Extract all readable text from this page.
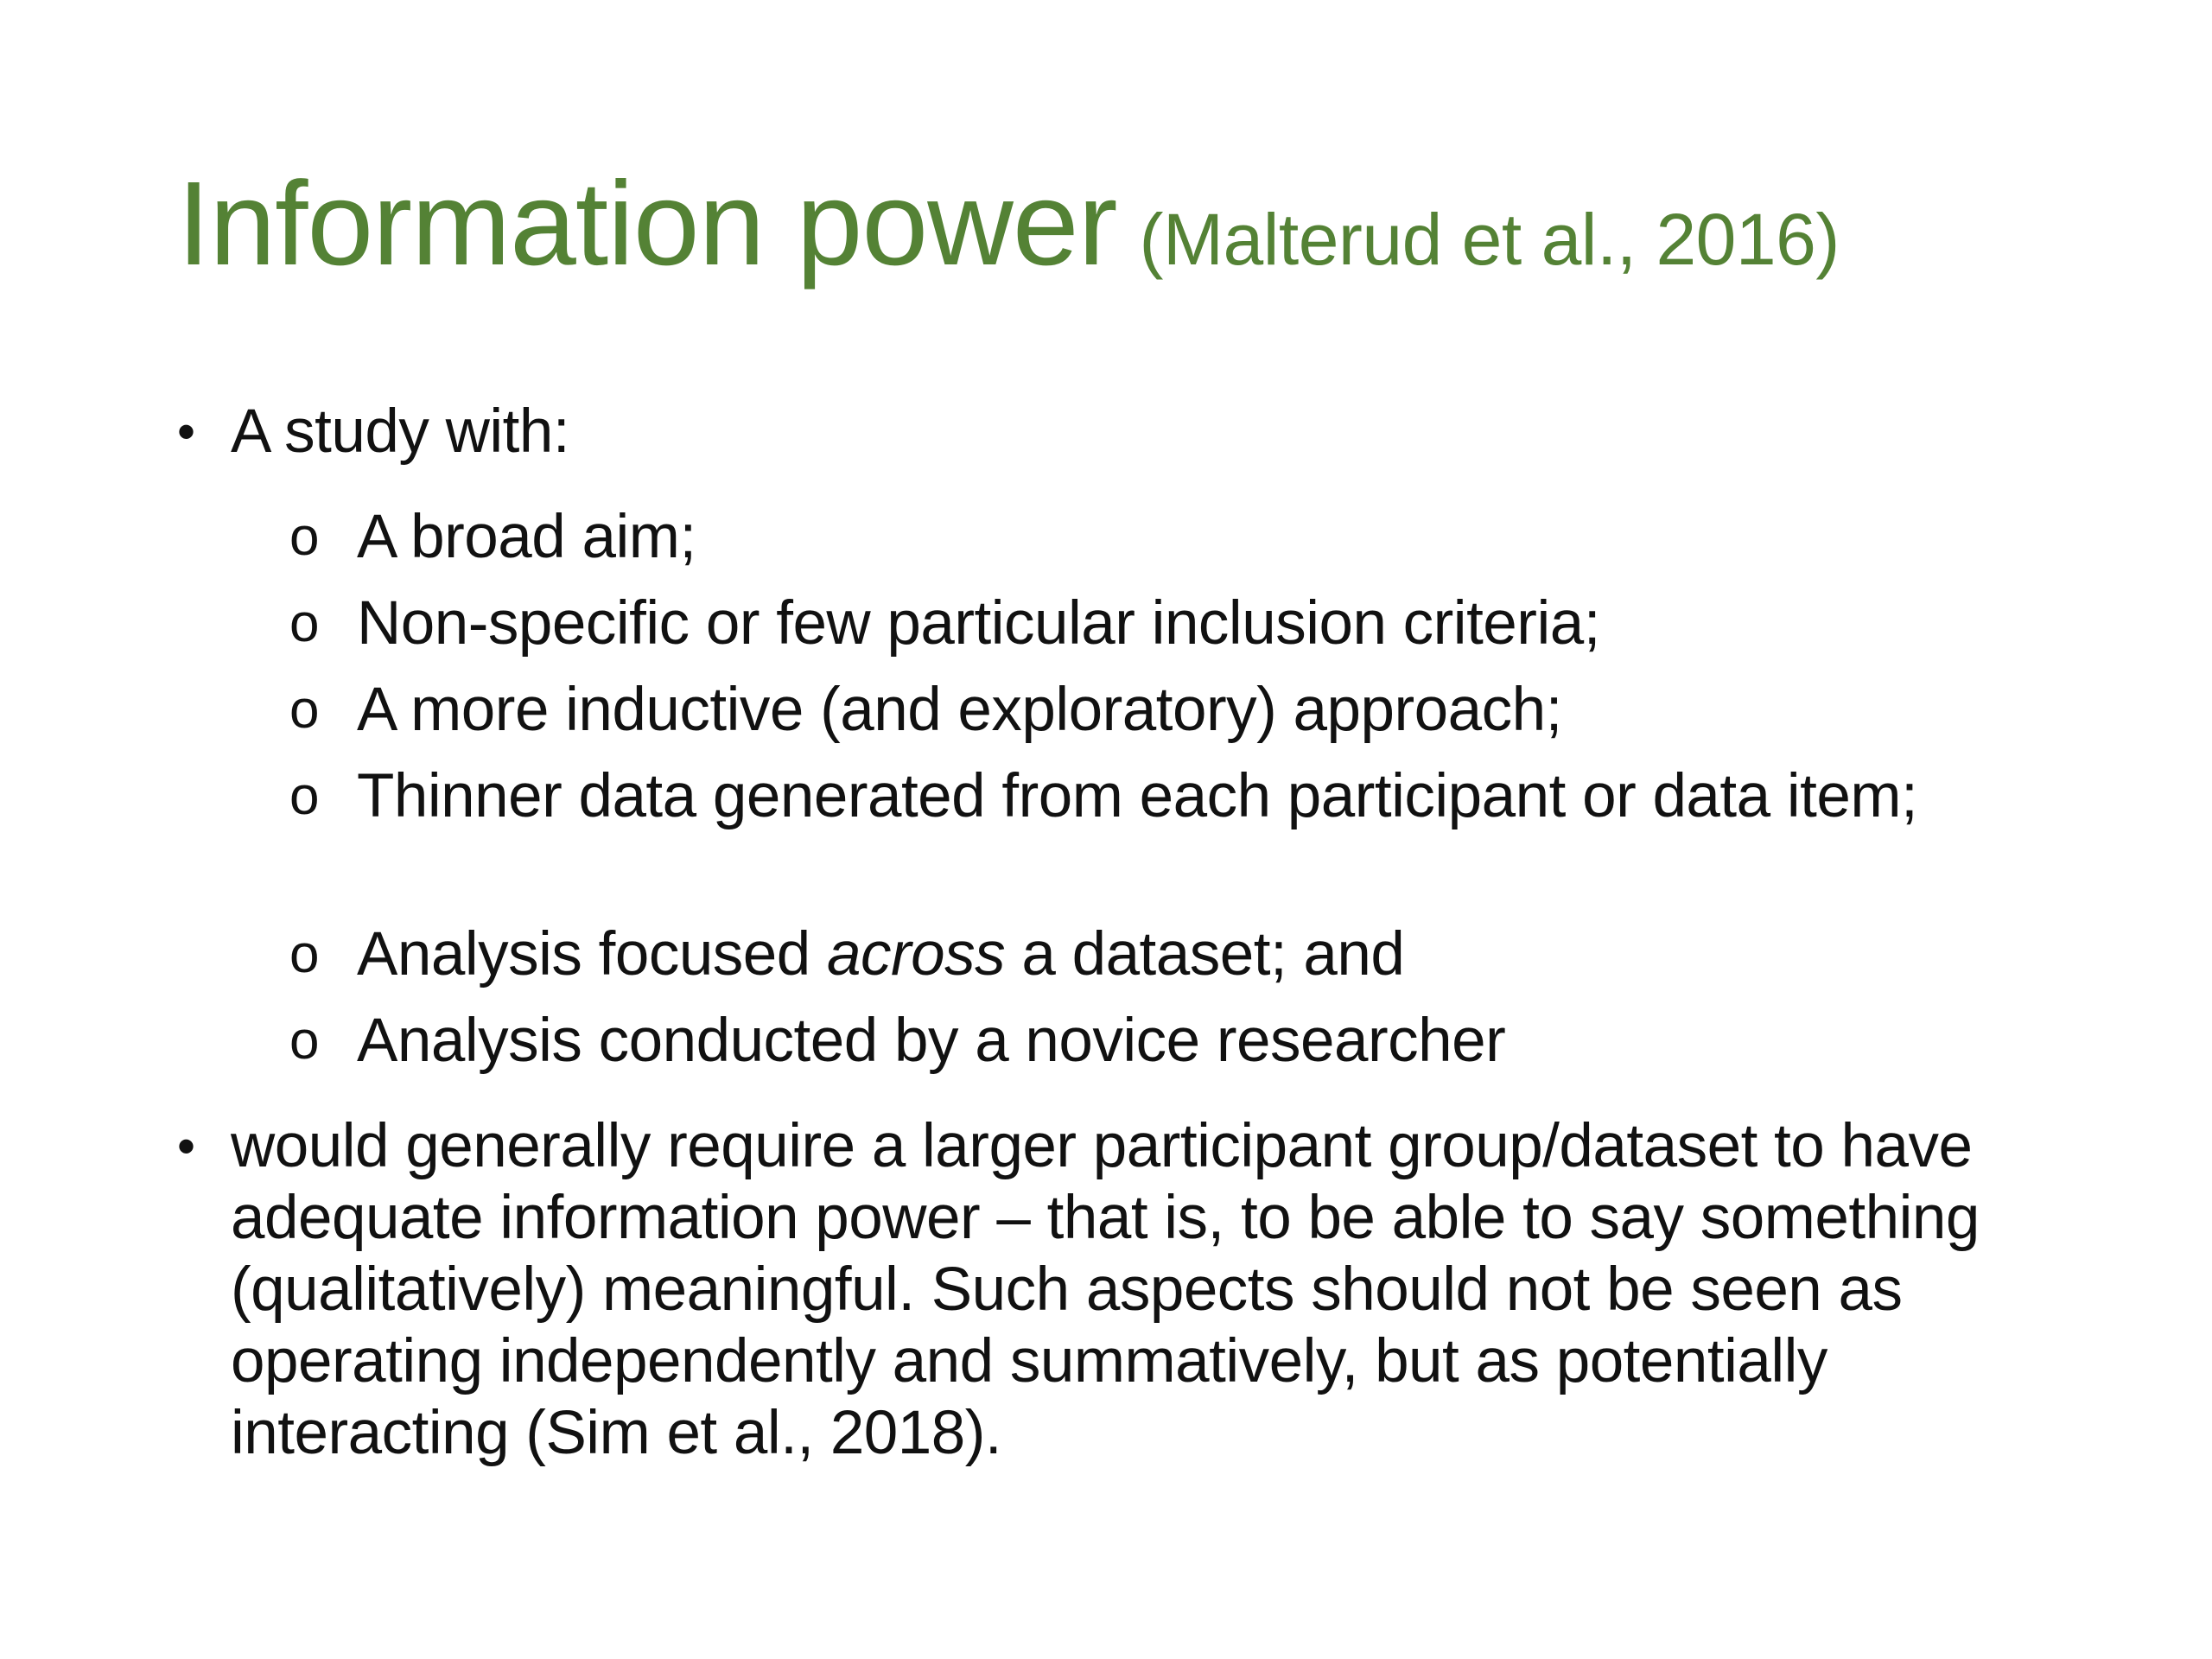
Information power (Malterud et al., 2016)
• A study with:
o A broad aim;
o Non-specific or few particular inclusion criteria;
o A more inductive (and exploratory) approach;
o Thinner data generated from each participant or data item;
o Analysis focused across a dataset; and
o Analysis conducted by a novice researcher
• would generally require a larger participant group/dataset to have adequate information power – that is, to be able to say something (qualitatively) meaningful. Such aspects should not be seen as operating independently and summatively, but as potentially interacting (Sim et al., 2018).
